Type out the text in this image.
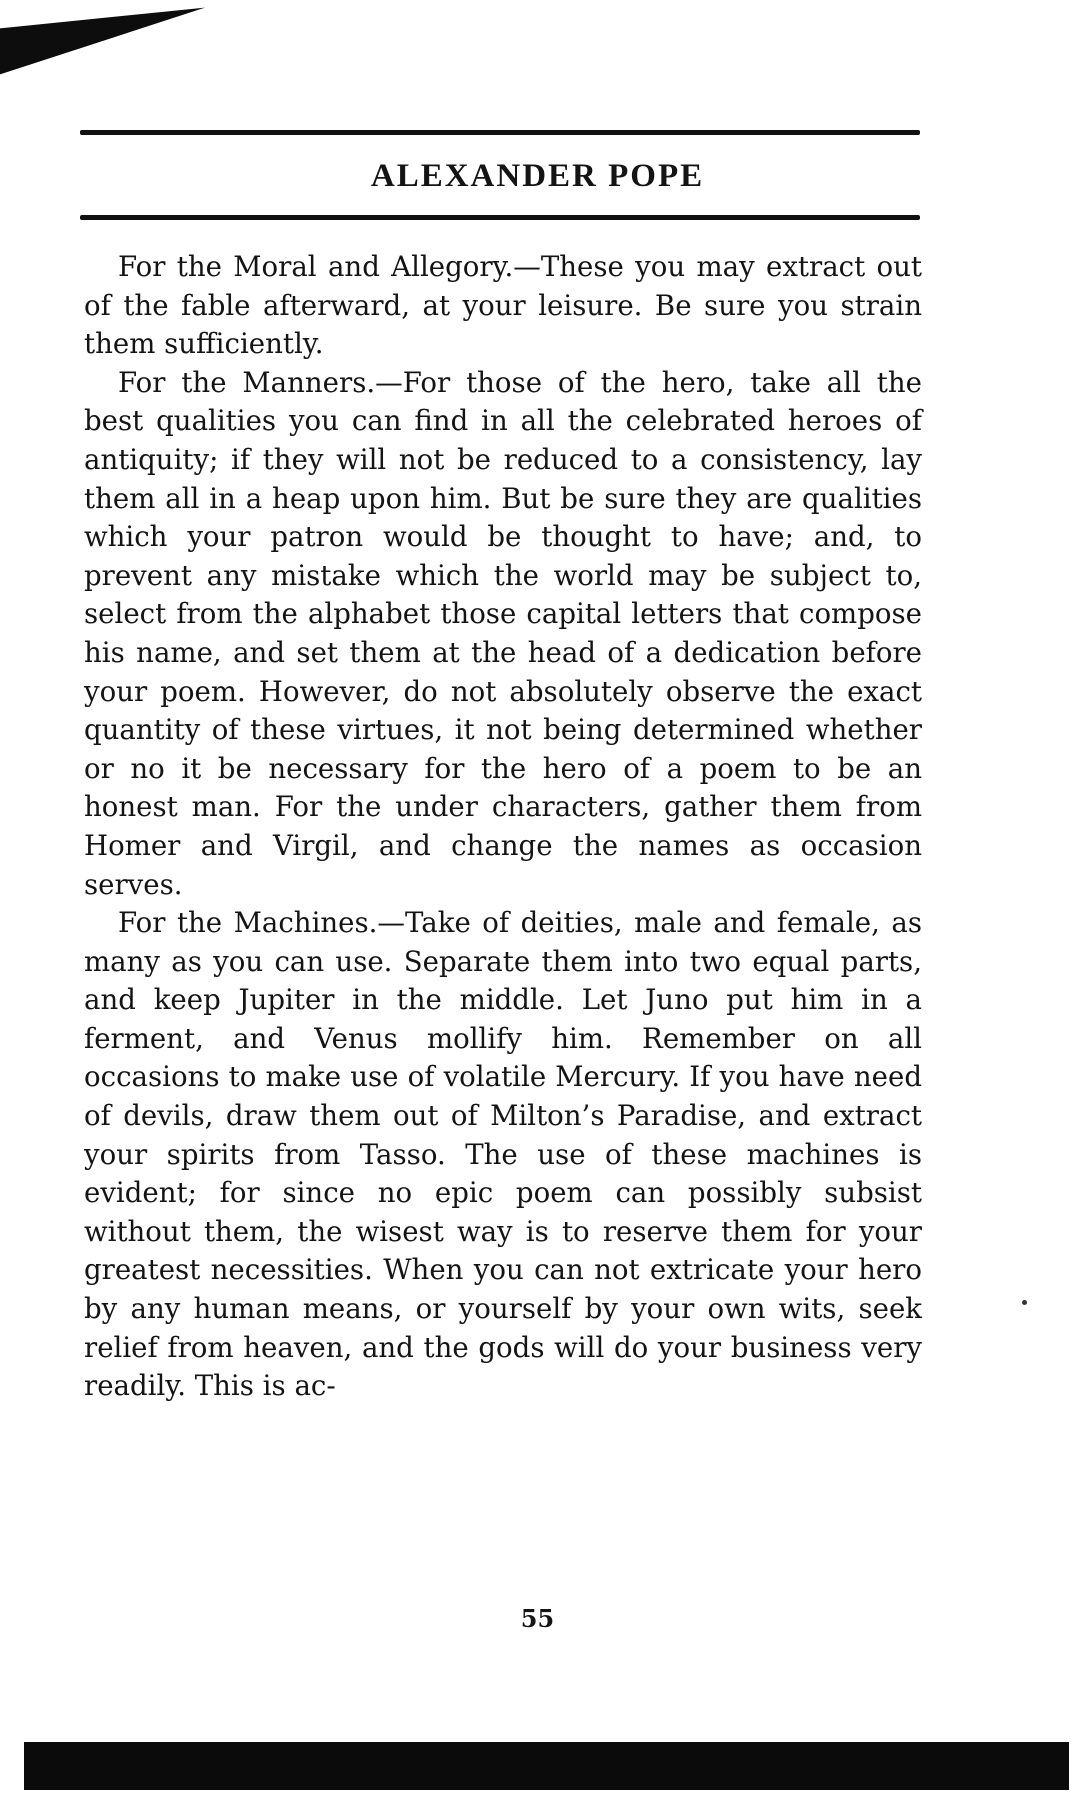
ALEXANDER POPE

For the Moral and Allegory.—These you may extract out of the fable afterward, at your leisure. Be sure you strain them sufficiently.

For the Manners.—For those of the hero, take all the best qualities you can find in all the celebrated heroes of antiquity; if they will not be reduced to a consistency, lay them all in a heap upon him. But be sure they are qualities which your patron would be thought to have; and, to prevent any mistake which the world may be subject to, select from the alphabet those capital letters that compose his name, and set them at the head of a dedication before your poem. However, do not absolutely observe the exact quantity of these virtues, it not being determined whether or no it be necessary for the hero of a poem to be an honest man. For the under characters, gather them from Homer and Virgil, and change the names as occasion serves.

For the Machines.—Take of deities, male and female, as many as you can use. Separate them into two equal parts, and keep Jupiter in the middle. Let Juno put him in a ferment, and Venus mollify him. Remember on all occasions to make use of volatile Mercury. If you have need of devils, draw them out of Milton’s Paradise, and extract your spirits from Tasso. The use of these machines is evident; for since no epic poem can possibly subsist without them, the wisest way is to reserve them for your greatest necessities. When you can not extricate your hero by any human means, or yourself by your own wits, seek relief from heaven, and the gods will do your business very readily. This is ac-

55
